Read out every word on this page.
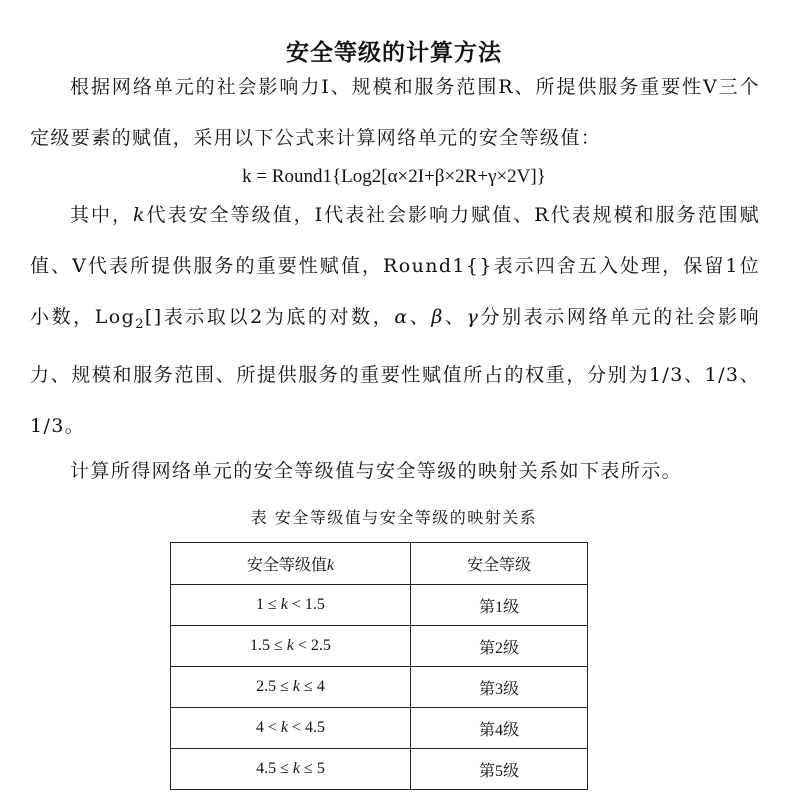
安全等级的计算方法
根据网络单元的社会影响力I、规模和服务范围R、所提供服务重要性V三个定级要素的赋值，采用以下公式来计算网络单元的安全等级值：
k = Round1{Log2[α×2I+β×2R+γ×2V]}
其中，k代表安全等级值，I代表社会影响力赋值、R代表规模和服务范围赋值、V代表所提供服务的重要性赋值，Round1{}表示四舍五入处理，保留1位小数，Log$_2$[]表示取以2为底的对数，α、β、γ分别表示网络单元的社会影响力、规模和服务范围、所提供服务的重要性赋值所占的权重，分别为1/3、1/3、1/3。
计算所得网络单元的安全等级值与安全等级的映射关系如下表所示。
表 安全等级值与安全等级的映射关系
安全等级值k	安全等级
1 ≤ k < 1.5	第1级
1.5 ≤ k < 2.5	第2级
2.5 ≤ k ≤ 4	第3级
4 < k < 4.5	第4级
4.5 ≤ k ≤ 5	第5级
